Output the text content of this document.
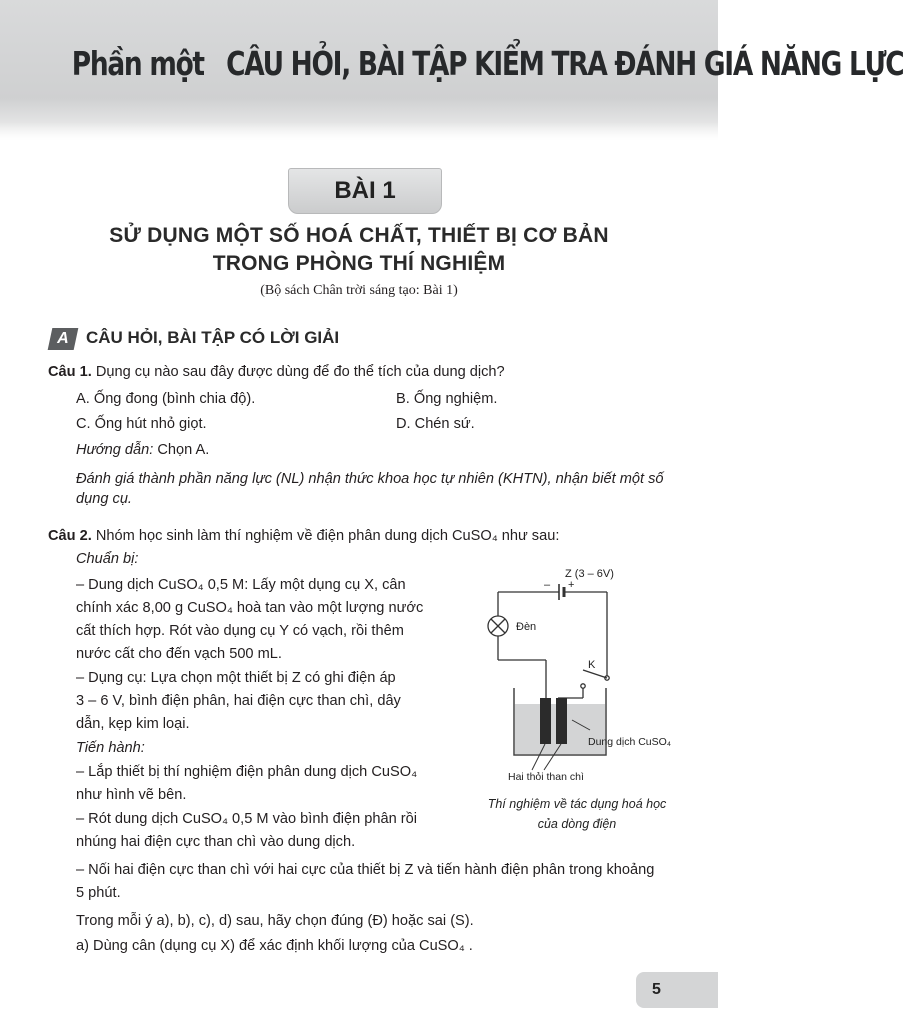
Phần một CÂU HỎI, BÀI TẬP KIỂM TRA ĐÁNH GIÁ NĂNG LỰC
BÀI 1
SỬ DỤNG MỘT SỐ HOÁ CHẤT, THIẾT BỊ CƠ BẢN
TRONG PHÒNG THÍ NGHIỆM
(Bộ sách Chân trời sáng tạo: Bài 1)
A CÂU HỎI, BÀI TẬP CÓ LỜI GIẢI
Câu 1. Dụng cụ nào sau đây được dùng để đo thể tích của dung dịch?
A. Ống đong (bình chia độ).	B. Ống nghiệm.
C. Ống hút nhỏ giọt.	D. Chén sứ.
Hướng dẫn: Chọn A.
Đánh giá thành phần năng lực (NL) nhận thức khoa học tự nhiên (KHTN), nhận biết một số
dụng cụ.
Câu 2. Nhóm học sinh làm thí nghiệm về điện phân dung dịch CuSO₄ như sau:
Chuẩn bị:
– Dung dịch CuSO₄ 0,5 M: Lấy một dụng cụ X, cân
chính xác 8,00 g CuSO₄ hoà tan vào một lượng nước
cất thích hợp. Rót vào dụng cụ Y có vạch, rồi thêm
nước cất cho đến vạch 500 mL.
– Dụng cụ: Lựa chọn một thiết bị Z có ghi điện áp
3 – 6 V, bình điện phân, hai điện cực than chì, dây
dẫn, kẹp kim loại.
Tiến hành:
– Lắp thiết bị thí nghiệm điện phân dung dịch CuSO₄
như hình vẽ bên.
– Rót dung dịch CuSO₄ 0,5 M vào bình điện phân rồi
nhúng hai điện cực than chì vào dung dịch.
– Nối hai điện cực than chì với hai cực của thiết bị Z và tiến hành điện phân trong khoảng
5 phút.
Trong mỗi ý a), b), c), d) sau, hãy chọn đúng (Đ) hoặc sai (S).
a) Dùng cân (dụng cụ X) để xác định khối lượng của CuSO₄ .
Z (3 – 6V)
– +
Đèn
K
Dung dịch CuSO₄
Hai thỏi than chì
Thí nghiệm về tác dụng hoá học
của dòng điện
5
